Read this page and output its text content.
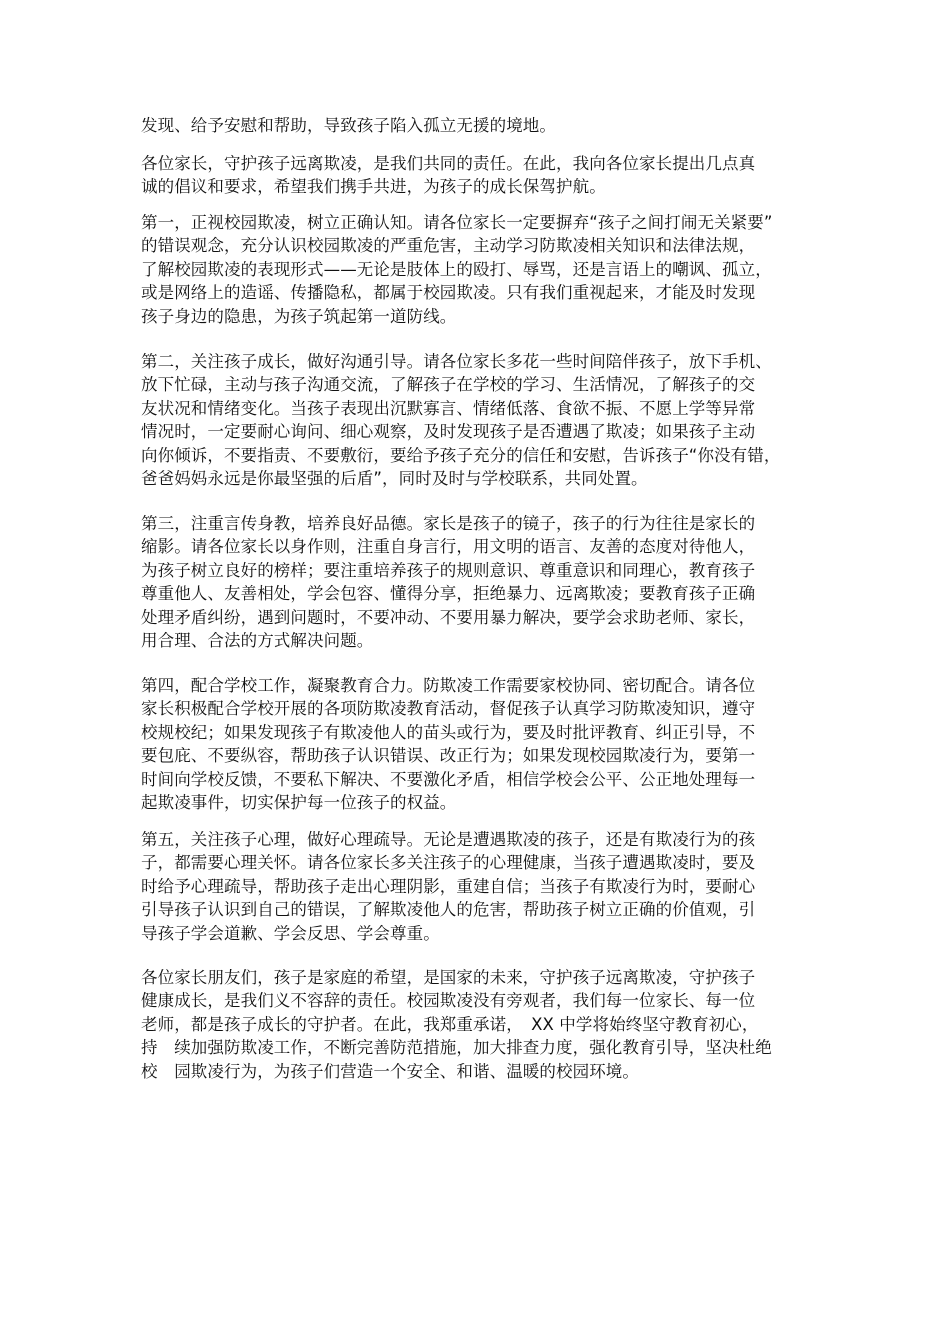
发现、给予安慰和帮助，导致孩子陷入孤立无援的境地。
各位家长，守护孩子远离欺凌，是我们共同的责任。在此，我向各位家长提出几点真
诚的倡议和要求，希望我们携手共进，为孩子的成长保驾护航。
第一，正视校园欺凌，树立正确认知。请各位家长一定要摒弃“孩子之间打闹无关紧要”
的错误观念，充分认识校园欺凌的严重危害，主动学习防欺凌相关知识和法律法规，
了解校园欺凌的表现形式——无论是肢体上的殴打、辱骂，还是言语上的嘲讽、孤立，
或是网络上的造谣、传播隐私，都属于校园欺凌。只有我们重视起来，才能及时发现
孩子身边的隐患，为孩子筑起第一道防线。
第二，关注孩子成长，做好沟通引导。请各位家长多花一些时间陪伴孩子，放下手机、
放下忙碌，主动与孩子沟通交流，了解孩子在学校的学习、生活情况，了解孩子的交
友状况和情绪变化。当孩子表现出沉默寡言、情绪低落、食欲不振、不愿上学等异常
情况时，一定要耐心询问、细心观察，及时发现孩子是否遭遇了欺凌；如果孩子主动
向你倾诉，不要指责、不要敷衍，要给予孩子充分的信任和安慰，告诉孩子“你没有错，
爸爸妈妈永远是你最坚强的后盾”，同时及时与学校联系，共同处置。
第三，注重言传身教，培养良好品德。家长是孩子的镜子，孩子的行为往往是家长的
缩影。请各位家长以身作则，注重自身言行，用文明的语言、友善的态度对待他人，
为孩子树立良好的榜样；要注重培养孩子的规则意识、尊重意识和同理心，教育孩子
尊重他人、友善相处，学会包容、懂得分享，拒绝暴力、远离欺凌；要教育孩子正确
处理矛盾纠纷，遇到问题时，不要冲动、不要用暴力解决，要学会求助老师、家长，
用合理、合法的方式解决问题。
第四，配合学校工作，凝聚教育合力。防欺凌工作需要家校协同、密切配合。请各位
家长积极配合学校开展的各项防欺凌教育活动，督促孩子认真学习防欺凌知识，遵守
校规校纪；如果发现孩子有欺凌他人的苗头或行为，要及时批评教育、纠正引导，不
要包庇、不要纵容，帮助孩子认识错误、改正行为；如果发现校园欺凌行为，要第一
时间向学校反馈，不要私下解决、不要激化矛盾，相信学校会公平、公正地处理每一
起欺凌事件，切实保护每一位孩子的权益。
第五，关注孩子心理，做好心理疏导。无论是遭遇欺凌的孩子，还是有欺凌行为的孩
子，都需要心理关怀。请各位家长多关注孩子的心理健康，当孩子遭遇欺凌时，要及
时给予心理疏导，帮助孩子走出心理阴影，重建自信；当孩子有欺凌行为时，要耐心
引导孩子认识到自己的错误，了解欺凌他人的危害，帮助孩子树立正确的价值观，引
导孩子学会道歉、学会反思、学会尊重。
各位家长朋友们，孩子是家庭的希望，是国家的未来，守护孩子远离欺凌，守护孩子
健康成长，是我们义不容辞的责任。校园欺凌没有旁观者，我们每一位家长、每一位
老师，都是孩子成长的守护者。在此，我郑重承诺，　XX 中学将始终坚守教育初心，
持　续加强防欺凌工作，不断完善防范措施，加大排查力度，强化教育引导，坚决杜绝
校　园欺凌行为，为孩子们营造一个安全、和谐、温暖的校园环境。
